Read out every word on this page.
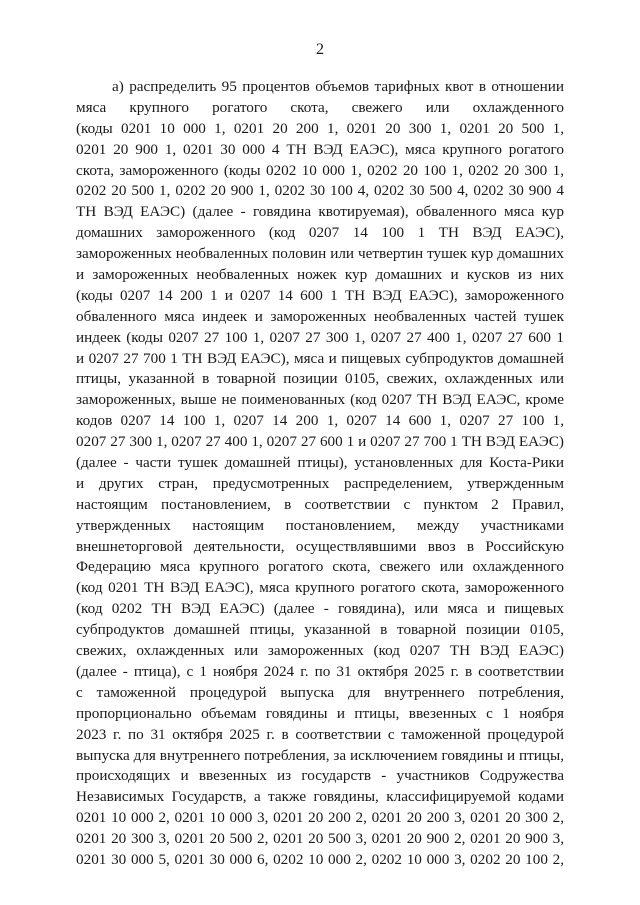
2
а) распределить 95 процентов объемов тарифных квот в отношении
мяса крупного рогатого скота, свежего или охлажденного
(коды 0201 10 000 1, 0201 20 200 1, 0201 20 300 1, 0201 20 500 1,
0201 20 900 1, 0201 30 000 4 ТН ВЭД ЕАЭС), мяса крупного рогатого
скота, замороженного (коды 0202 10 000 1, 0202 20 100 1, 0202 20 300 1,
0202 20 500 1, 0202 20 900 1, 0202 30 100 4, 0202 30 500 4, 0202 30 900 4
ТН ВЭД ЕАЭС) (далее - говядина квотируемая), обваленного мяса кур
домашних замороженного (код 0207 14 100 1 ТН ВЭД ЕАЭС),
замороженных необваленных половин или четвертин тушек кур домашних
и замороженных необваленных ножек кур домашних и кусков из них
(коды 0207 14 200 1 и 0207 14 600 1 ТН ВЭД ЕАЭС), замороженного
обваленного мяса индеек и замороженных необваленных частей тушек
индеек (коды 0207 27 100 1, 0207 27 300 1, 0207 27 400 1, 0207 27 600 1
и 0207 27 700 1 ТН ВЭД ЕАЭС), мяса и пищевых субпродуктов домашней
птицы, указанной в товарной позиции 0105, свежих, охлажденных или
замороженных, выше не поименованных (код 0207 ТН ВЭД ЕАЭС, кроме
кодов 0207 14 100 1, 0207 14 200 1, 0207 14 600 1, 0207 27 100 1,
0207 27 300 1, 0207 27 400 1, 0207 27 600 1 и 0207 27 700 1 ТН ВЭД ЕАЭС)
(далее - части тушек домашней птицы), установленных для Коста-Рики
и других стран, предусмотренных распределением, утвержденным
настоящим постановлением, в соответствии с пунктом 2 Правил,
утвержденных настоящим постановлением, между участниками
внешнеторговой деятельности, осуществлявшими ввоз в Российскую
Федерацию мяса крупного рогатого скота, свежего или охлажденного
(код 0201 ТН ВЭД ЕАЭС), мяса крупного рогатого скота, замороженного
(код 0202 ТН ВЭД ЕАЭС) (далее - говядина), или мяса и пищевых
субпродуктов домашней птицы, указанной в товарной позиции 0105,
свежих, охлажденных или замороженных (код 0207 ТН ВЭД ЕАЭС)
(далее - птица), с 1 ноября 2024 г. по 31 октября 2025 г. в соответствии
с таможенной процедурой выпуска для внутреннего потребления,
пропорционально объемам говядины и птицы, ввезенных с 1 ноября
2023 г. по 31 октября 2025 г. в соответствии с таможенной процедурой
выпуска для внутреннего потребления, за исключением говядины и птицы,
происходящих и ввезенных из государств - участников Содружества
Независимых Государств, а также говядины, классифицируемой кодами
0201 10 000 2, 0201 10 000 3, 0201 20 200 2, 0201 20 200 3, 0201 20 300 2,
0201 20 300 3, 0201 20 500 2, 0201 20 500 3, 0201 20 900 2, 0201 20 900 3,
0201 30 000 5, 0201 30 000 6, 0202 10 000 2, 0202 10 000 3, 0202 20 100 2,
